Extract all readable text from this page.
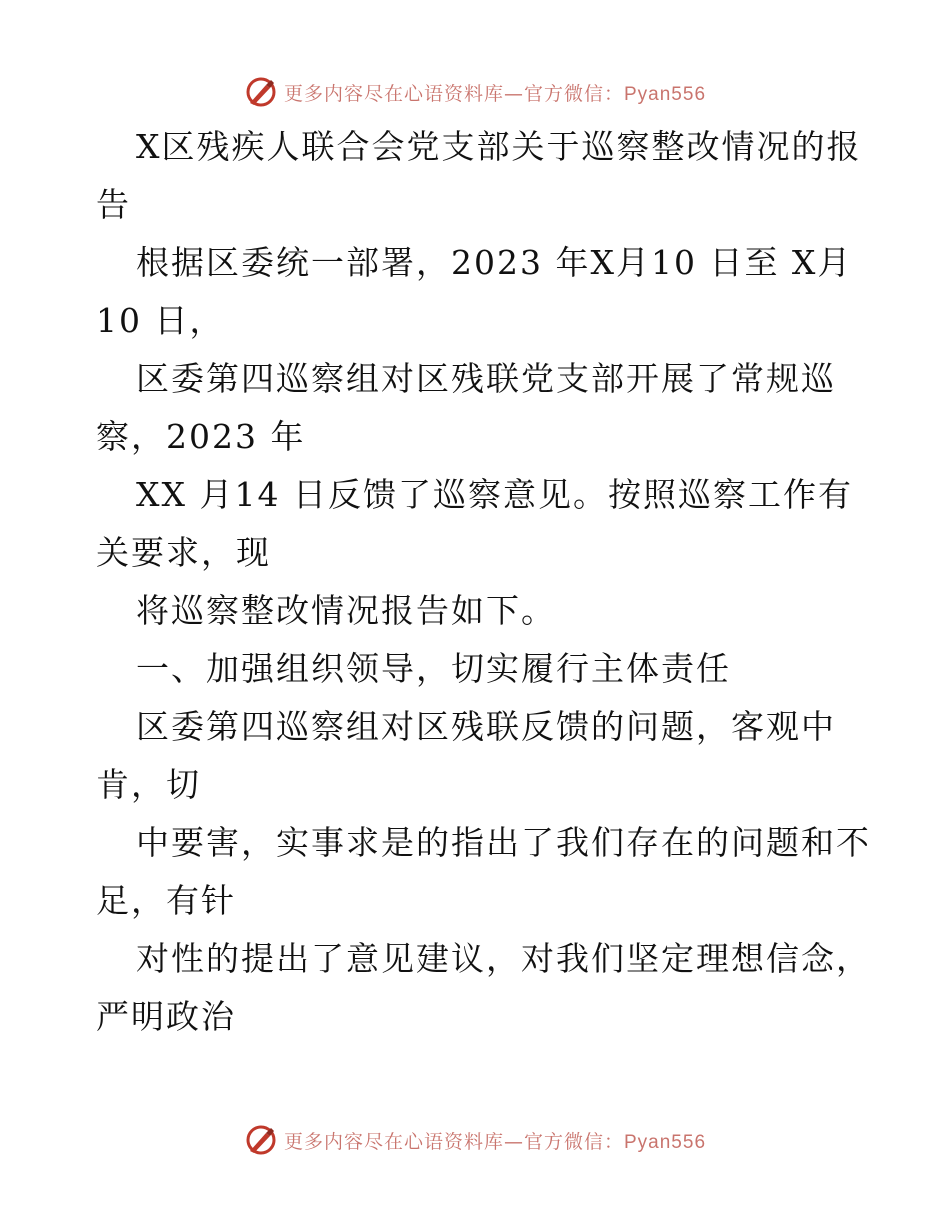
更多内容尽在心语资料库—官方微信：Pyan556
X区残疾人联合会党支部关于巡察整改情况的报
告
根据区委统一部署，2023 年X月10 日至 X月
10 日，
区委第四巡察组对区残联党支部开展了常规巡
察，2023 年
XX 月14 日反馈了巡察意见。按照巡察工作有
关要求，现
将巡察整改情况报告如下。
一、加强组织领导，切实履行主体责任
区委第四巡察组对区残联反馈的问题，客观中
肯，切
中要害，实事求是的指出了我们存在的问题和不
足，有针
对性的提出了意见建议，对我们坚定理想信念，
严明政治
更多内容尽在心语资料库—官方微信：Pyan556
